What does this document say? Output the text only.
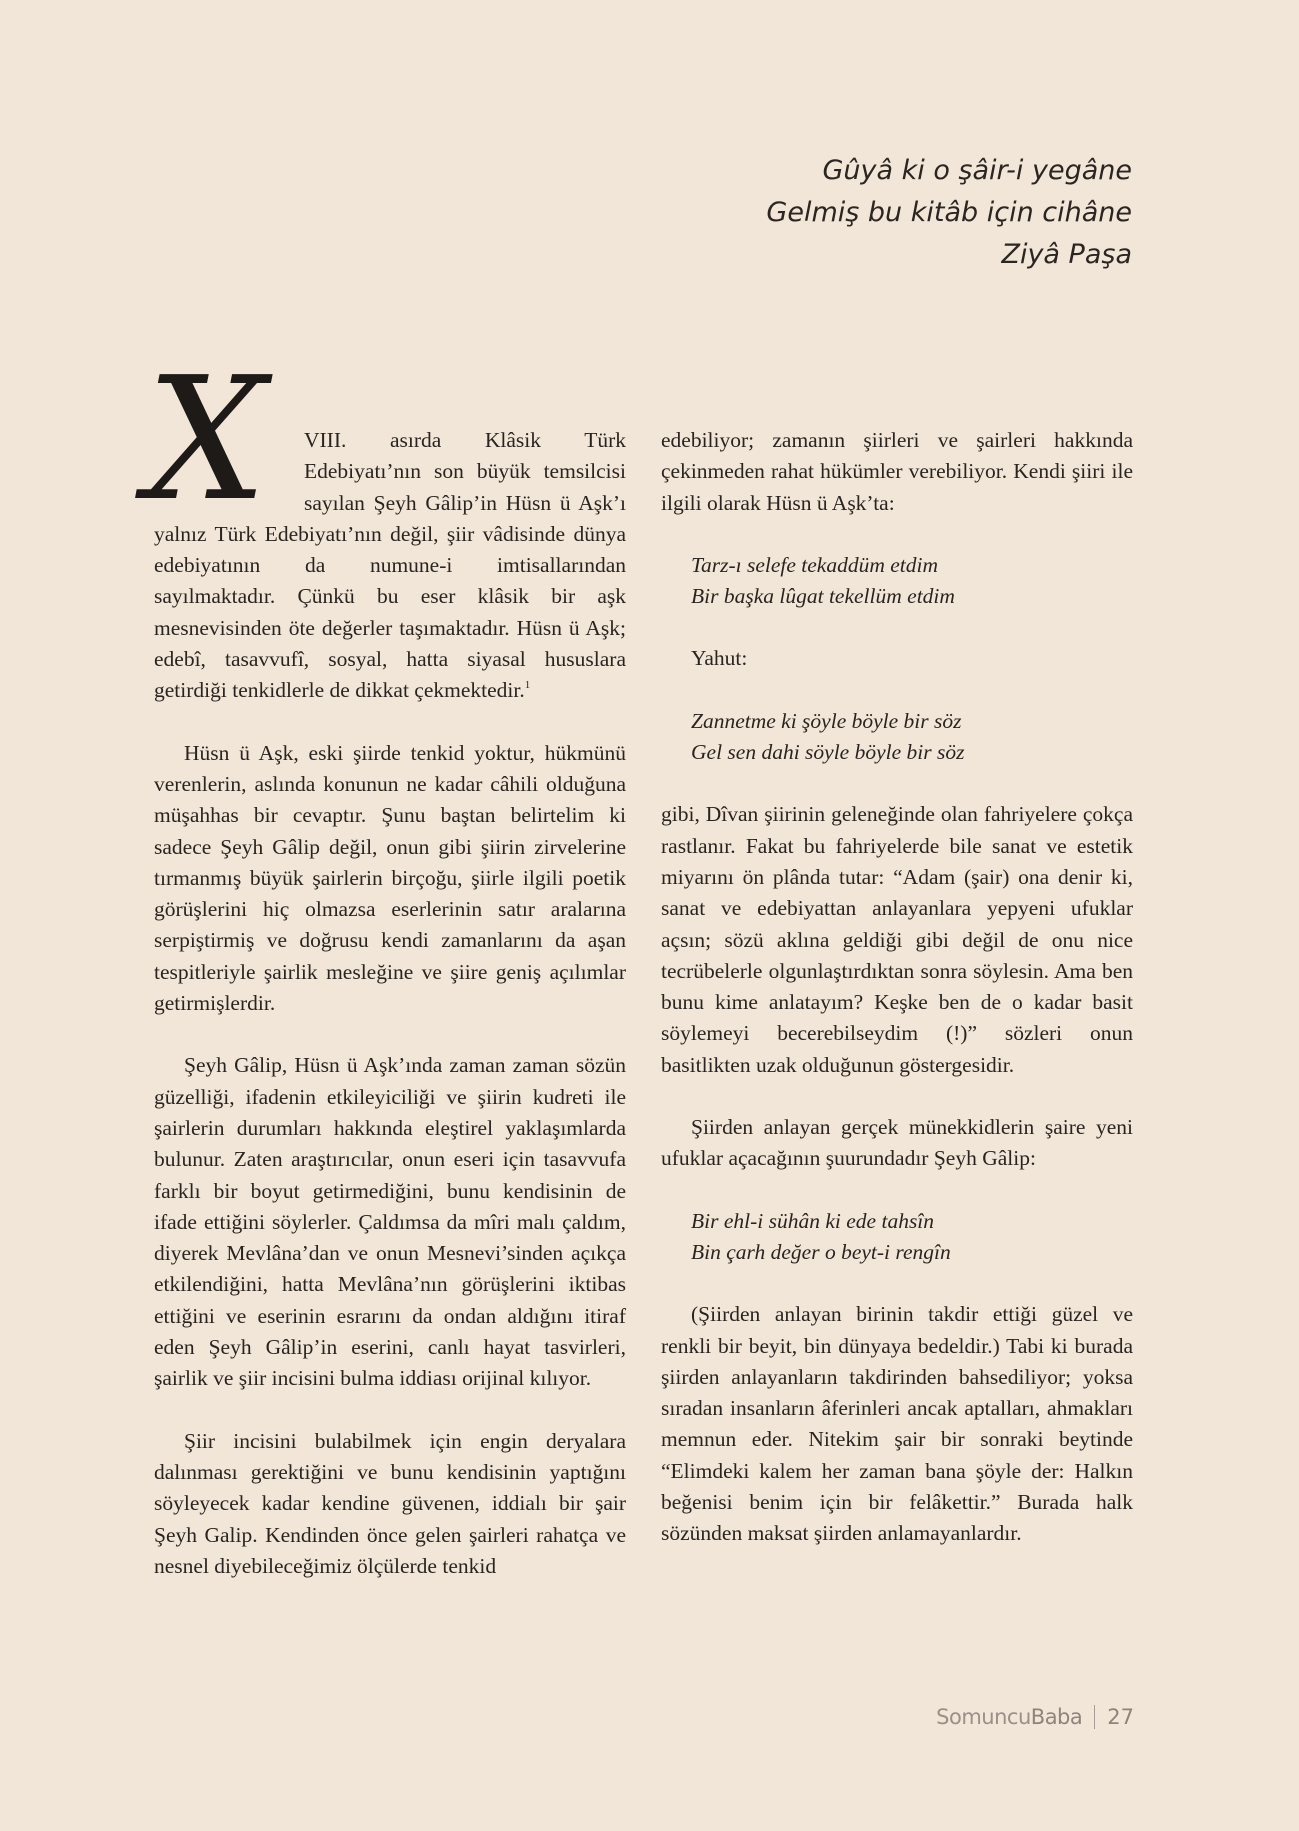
Gûyâ ki o şâir-i yegâne
Gelmiş bu kitâb için cihâne
Ziyâ Paşa

X	VIII. asırda Klâsik Türk Edebiyatı’nın son büyük temsilcisi sayılan Şeyh Gâlip’in Hüsn ü Aşk’ı yalnız Türk Edebiyatı’nın değil, şiir vâdisinde dünya edebiyatının da numune-i imtisallarından sayılmaktadır. Çünkü bu eser klâsik bir aşk mesnevisinden öte değerler taşımaktadır. Hüsn ü Aşk; edebî, tasavvufî, sosyal, hatta siyasal hususlara getirdiği tenkidlerle de dikkat çekmektedir.$^1$

Hüsn ü Aşk, eski şiirde tenkid yoktur, hükmünü verenlerin, aslında konunun ne kadar câhili olduğuna müşahhas bir cevaptır. Şunu baştan belirtelim ki sadece Şeyh Gâlip değil, onun gibi şiirin zirvelerine tırmanmış büyük şairlerin birçoğu, şiirle ilgili poetik görüşlerini hiç olmazsa eserlerinin satır aralarına serpiştirmiş ve doğrusu kendi zamanlarını da aşan tespitleriyle şairlik mesleğine ve şiire geniş açılımlar getirmişlerdir.

Şeyh Gâlip, Hüsn ü Aşk’ında zaman zaman sözün güzelliği, ifadenin etkileyiciliği ve şiirin kudreti ile şairlerin durumları hakkında eleştirel yaklaşımlarda bulunur. Zaten araştırıcılar, onun eseri için tasavvufa farklı bir boyut getirmediğini, bunu kendisinin de ifade ettiğini söylerler. Çaldımsa da mîri malı çaldım, diyerek Mevlâna’dan ve onun Mesnevi’sinden açıkça etkilendiğini, hatta Mevlâna’nın görüşlerini iktibas ettiğini ve eserinin esrarını da ondan aldığını itiraf eden Şeyh Gâlip’in eserini, canlı hayat tasvirleri, şairlik ve şiir incisini bulma iddiası orijinal kılıyor.

Şiir incisini bulabilmek için engin deryalara dalınması gerektiğini ve bunu kendisinin yaptığını söyleyecek kadar kendine güvenen, iddialı bir şair Şeyh Galip. Kendinden önce gelen şairleri rahatça ve nesnel diyebileceğimiz ölçülerde tenkid

edebiliyor; zamanın şiirleri ve şairleri hakkında çekinmeden rahat hükümler verebiliyor. Kendi şiiri ile ilgili olarak Hüsn ü Aşk’ta:

Tarz-ı selefe tekaddüm etdim
Bir başka lûgat tekellüm etdim
Yahut:
Zannetme ki şöyle böyle bir söz
Gel sen dahi söyle böyle bir söz

gibi, Dîvan şiirinin geleneğinde olan fahriyelere çokça rastlanır. Fakat bu fahriyelerde bile sanat ve estetik miyarını ön plânda tutar: “Adam (şair) ona denir ki, sanat ve edebiyattan anlayanlara yepyeni ufuklar açsın; sözü aklına geldiği gibi değil de onu nice tecrübelerle olgunlaştırdıktan sonra söylesin. Ama ben bunu kime anlatayım? Keşke ben de o kadar basit söylemeyi becerebilseydim (!)” sözleri onun basitlikten uzak olduğunun göstergesidir.

Şiirden anlayan gerçek münekkidlerin şaire yeni ufuklar açacağının şuurundadır Şeyh Gâlip:

Bir ehl-i sühân ki ede tahsîn
Bin çarh değer o beyt-i rengîn

(Şiirden anlayan birinin takdir ettiği güzel ve renkli bir beyit, bin dünyaya bedeldir.) Tabi ki burada şiirden anlayanların takdirinden bahsediliyor; yoksa sıradan insanların âferinleri ancak aptalları, ahmakları memnun eder. Nitekim şair bir sonraki beytinde “Elimdeki kalem her zaman bana şöyle der: Halkın beğenisi benim için bir felâkettir.” Burada halk sözünden maksat şiirden anlamayanlardır.

SomuncuBaba 27
